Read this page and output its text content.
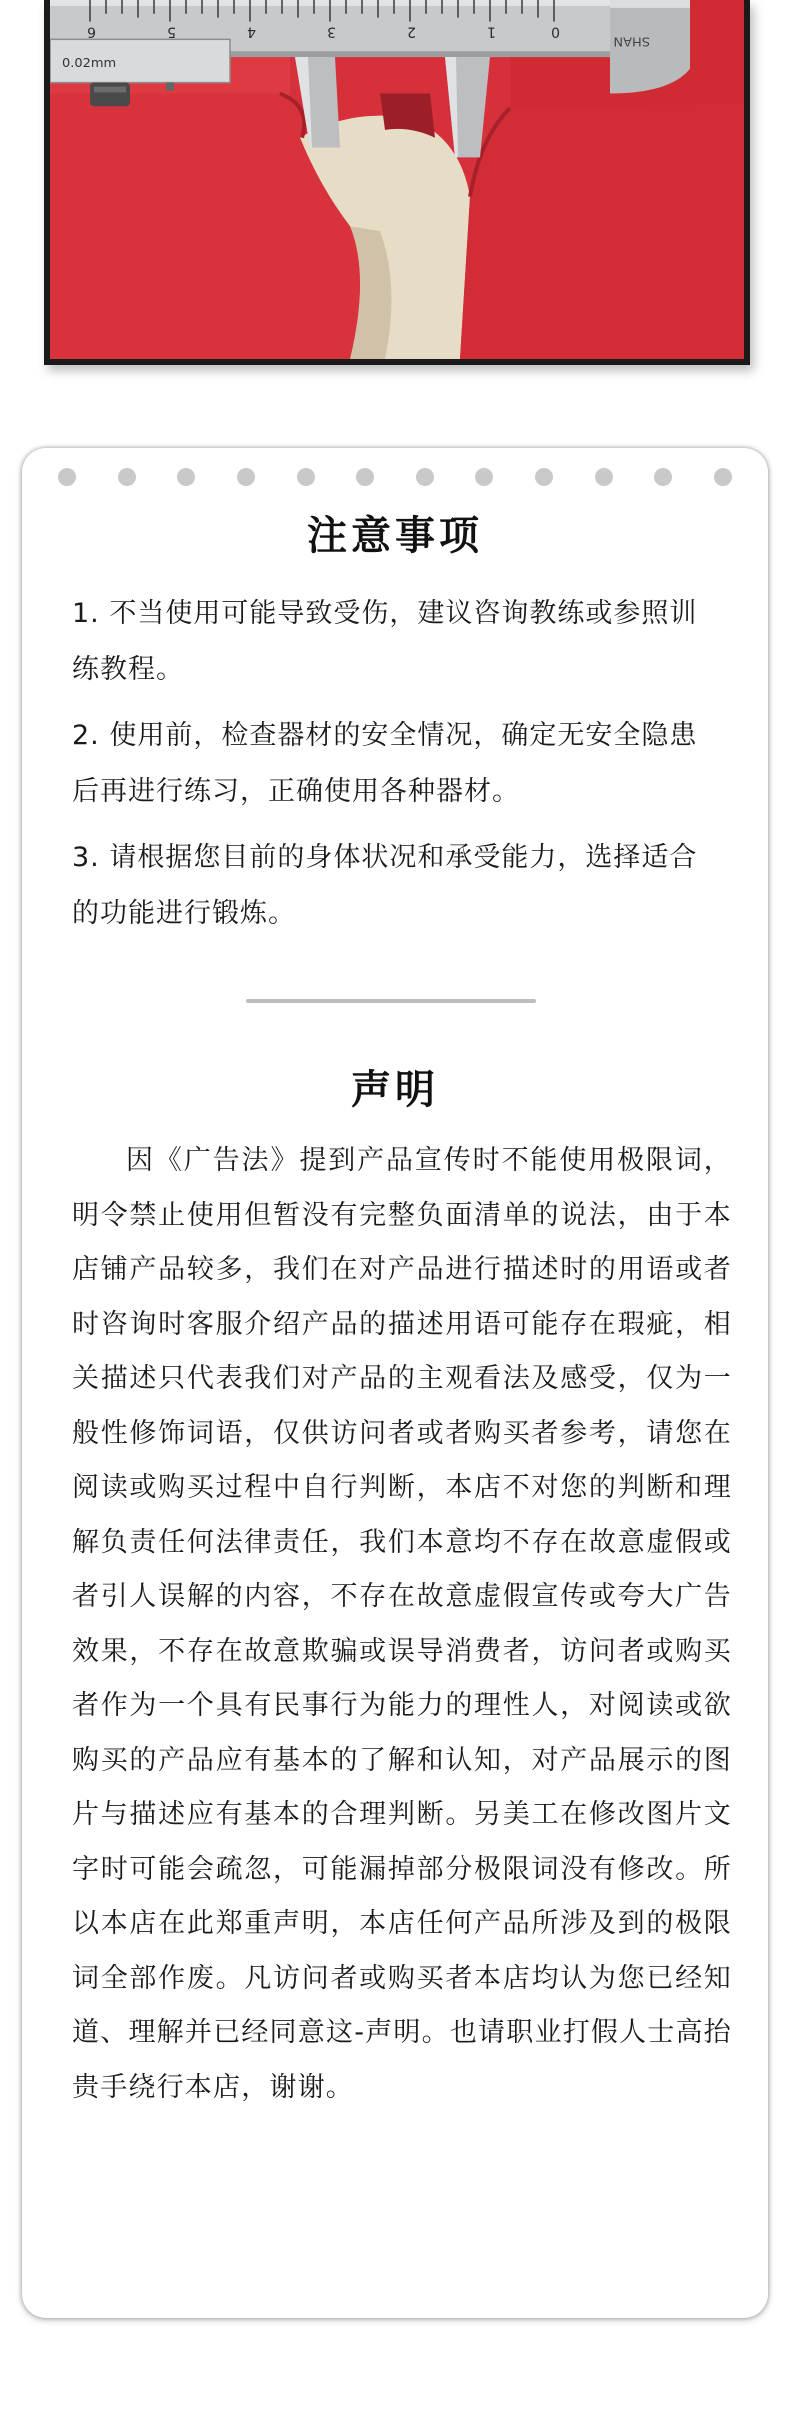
6	5	4	3	2	1	0
0.02mm
SHAN
注意事项
1. 不当使用可能导致受伤，建议咨询教练或参照训练教程。
2. 使用前，检查器材的安全情况，确定无安全隐患后再进行练习，正确使用各种器材。
3. 请根据您目前的身体状况和承受能力，选择适合的功能进行锻炼。
声明

因《广告法》提到产品宣传时不能使用极限词，明令禁止使用但暂没有完整负面清单的说法，由于本店铺产品较多，我们在对产品进行描述时的用语或者时咨询时客服介绍产品的描述用语可能存在瑕疵，相关描述只代表我们对产品的主观看法及感受，仅为一般性修饰词语，仅供访问者或者购买者参考，请您在阅读或购买过程中自行判断，本店不对您的判断和理解负责任何法律责任，我们本意均不存在故意虚假或者引人误解的内容，不存在故意虚假宣传或夸大广告效果，不存在故意欺骗或误导消费者，访问者或购买者作为一个具有民事行为能力的理性人，对阅读或欲购买的产品应有基本的了解和认知，对产品展示的图片与描述应有基本的合理判断。另美工在修改图片文字时可能会疏忽，可能漏掉部分极限词没有修改。所以本店在此郑重声明，本店任何产品所涉及到的极限词全部作废。凡访问者或购买者本店均认为您已经知道、理解并已经同意这-声明。也请职业打假人士高抬贵手绕行本店，谢谢。
